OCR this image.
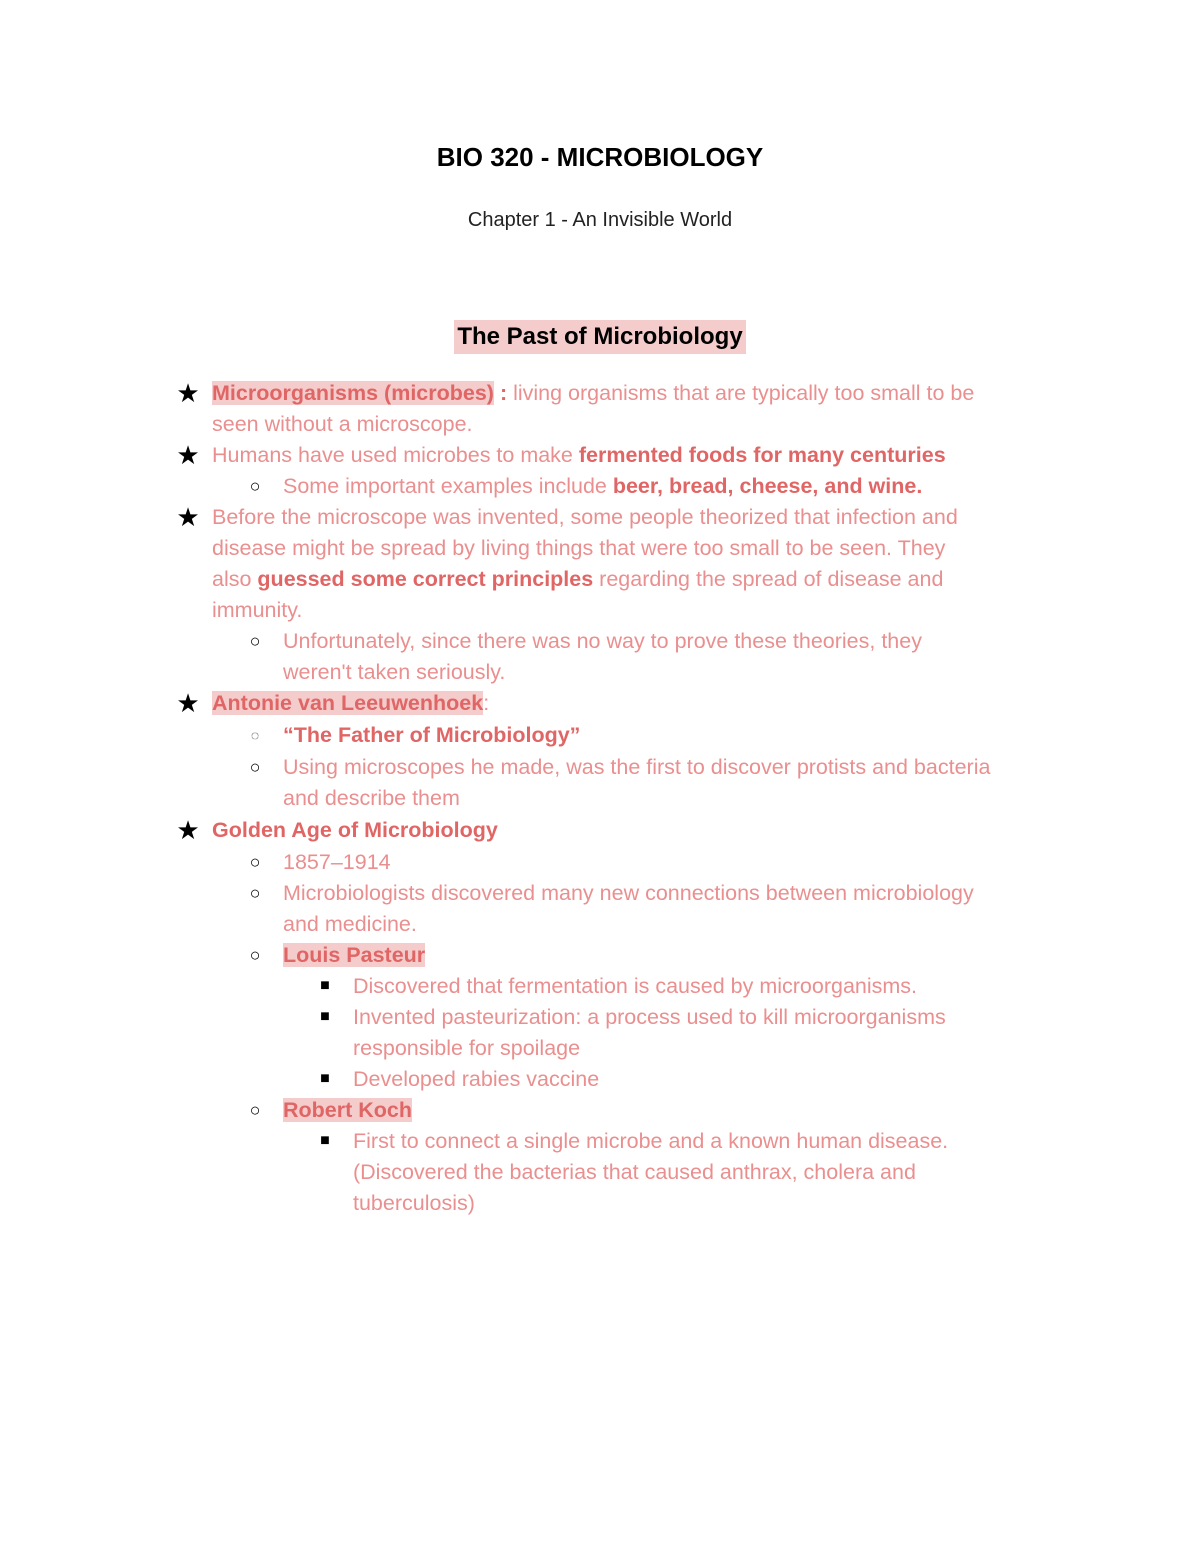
BIO 320 - MICROBIOLOGY
Chapter 1 - An Invisible World
The Past of Microbiology
★ Microorganisms (microbes) : living organisms that are typically too small to be
seen without a microscope.
★ Humans have used microbes to make fermented foods for many centuries
○ Some important examples include beer, bread, cheese, and wine.
★ Before the microscope was invented, some people theorized that infection and
disease might be spread by living things that were too small to be seen. They
also guessed some correct principles regarding the spread of disease and
immunity.
○ Unfortunately, since there was no way to prove these theories, they
weren't taken seriously.
★ Antonie van Leeuwenhoek:
◌ “The Father of Microbiology”
○ Using microscopes he made, was the first to discover protists and bacteria
and describe them
★ Golden Age of Microbiology
○ 1857–1914
○ Microbiologists discovered many new connections between microbiology
and medicine.
○ Louis Pasteur
■ Discovered that fermentation is caused by microorganisms.
■ Invented pasteurization: a process used to kill microorganisms
responsible for spoilage
■ Developed rabies vaccine
○ Robert Koch
■ First to connect a single microbe and a known human disease.
(Discovered the bacterias that caused anthrax, cholera and
tuberculosis)
